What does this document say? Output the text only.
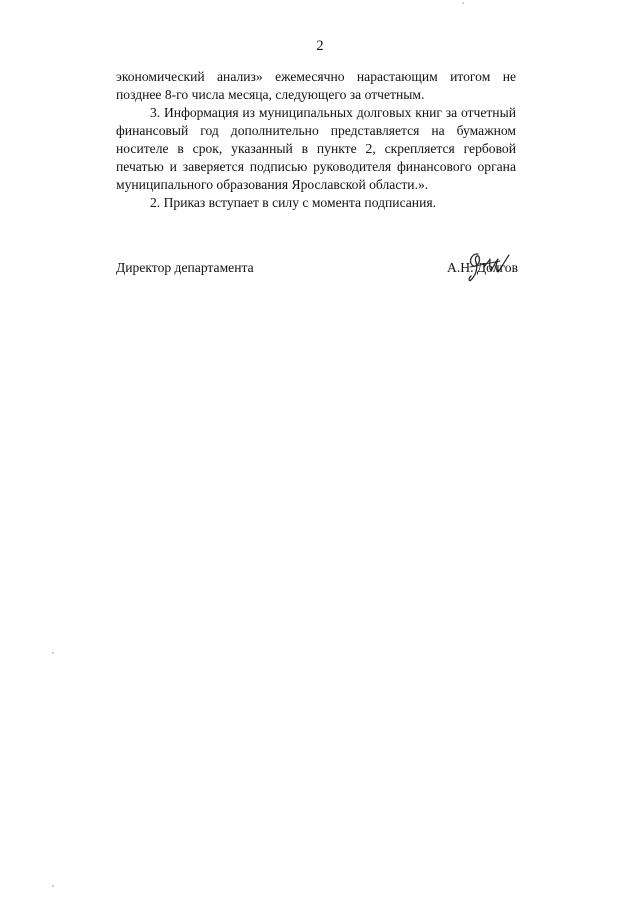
2

экономический анализ» ежемесячно нарастающим итогом не позднее 8-го числа месяца, следующего за отчетным.

3. Информация из муниципальных долговых книг за отчетный финансовый год дополнительно представляется на бумажном носителе в срок, указанный в пункте 2, скрепляется гербовой печатью и заверяется подписью руководителя финансового органа муниципального образования Ярославской области.».

2. Приказ вступает в силу с момента подписания.

Директор департамента	А.Н. Долгов
